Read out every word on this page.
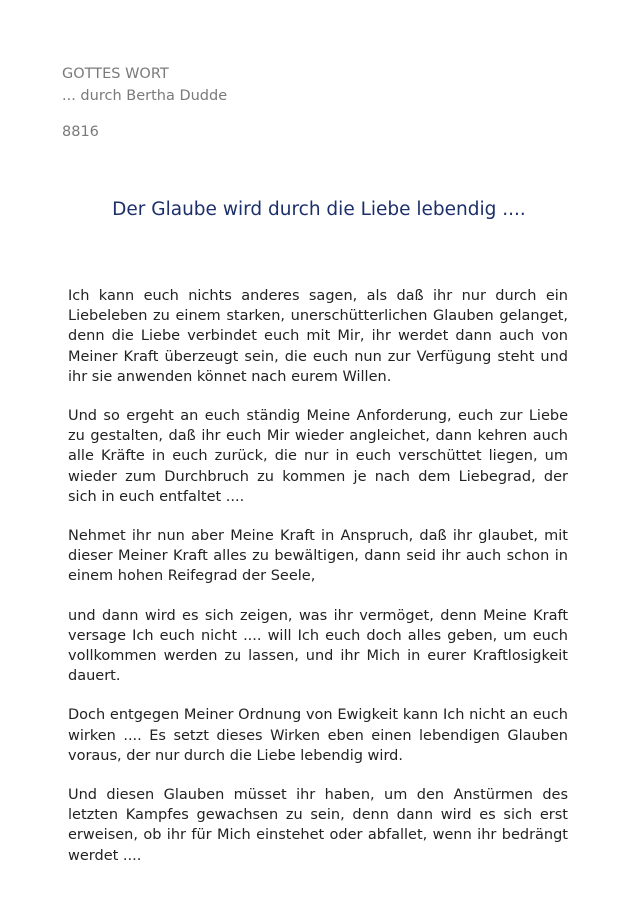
GOTTES WORT
... durch Bertha Dudde
8816
Der Glaube wird durch die Liebe lebendig ....

Ich kann euch nichts anderes sagen, als daß ihr nur durch ein Liebeleben zu einem starken, unerschütterlichen Glauben gelanget, denn die Liebe verbindet euch mit Mir, ihr werdet dann auch von Meiner Kraft überzeugt sein, die euch nun zur Verfügung steht und ihr sie anwenden könnet nach eurem Willen.

Und so ergeht an euch ständig Meine Anforderung, euch zur Liebe zu gestalten, daß ihr euch Mir wieder angleichet, dann kehren auch alle Kräfte in euch zurück, die nur in euch verschüttet liegen, um wieder zum Durchbruch zu kommen je nach dem Liebegrad, der sich in euch entfaltet ....

Nehmet ihr nun aber Meine Kraft in Anspruch, daß ihr glaubet, mit dieser Meiner Kraft alles zu bewältigen, dann seid ihr auch schon in einem hohen Reifegrad der Seele,

und dann wird es sich zeigen, was ihr vermöget, denn Meine Kraft versage Ich euch nicht .... will Ich euch doch alles geben, um euch vollkommen werden zu lassen, und ihr Mich in eurer Kraftlosigkeit dauert.

Doch entgegen Meiner Ordnung von Ewigkeit kann Ich nicht an euch wirken .... Es setzt dieses Wirken eben einen lebendigen Glauben voraus, der nur durch die Liebe lebendig wird.

Und diesen Glauben müsset ihr haben, um den Anstürmen des letzten Kampfes gewachsen zu sein, denn dann wird es sich erst erweisen, ob ihr für Mich einstehet oder abfallet, wenn ihr bedrängt werdet ....
